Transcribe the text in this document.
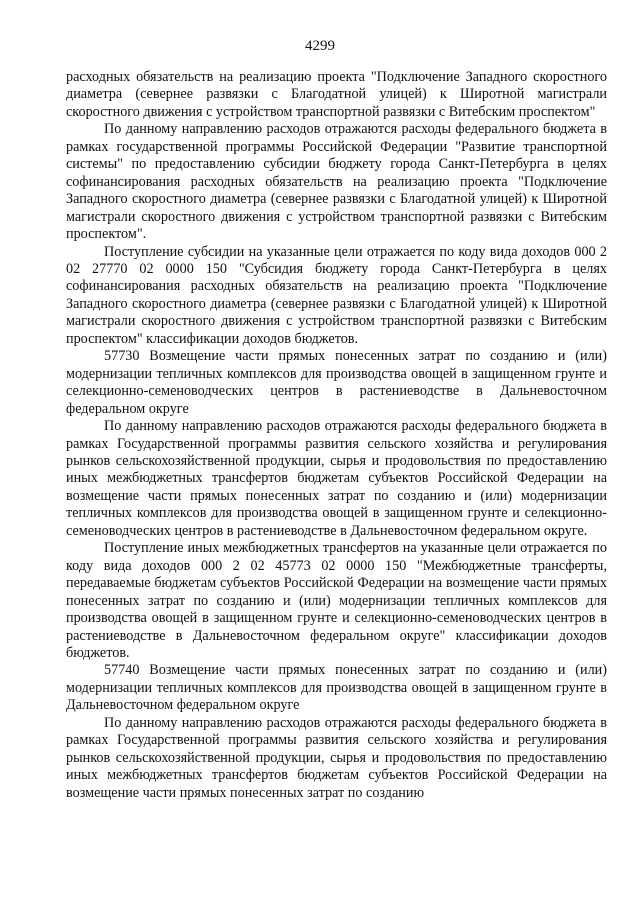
4299

расходных обязательств на реализацию проекта "Подключение Западного скоростного диаметра (севернее развязки с Благодатной улицей) к Широтной магистрали скоростного движения с устройством транспортной развязки с Витебским проспектом"

По данному направлению расходов отражаются расходы федерального бюджета в рамках государственной программы Российской Федерации "Развитие транспортной системы" по предоставлению субсидии бюджету города Санкт-Петербурга в целях софинансирования расходных обязательств на реализацию проекта "Подключение Западного скоростного диаметра (севернее развязки с Благодатной улицей) к Широтной магистрали скоростного движения с устройством транспортной развязки с Витебским проспектом".

Поступление субсидии на указанные цели отражается по коду вида доходов 000 2 02 27770 02 0000 150 "Субсидия бюджету города Санкт-Петербурга в целях софинансирования расходных обязательств на реализацию проекта "Подключение Западного скоростного диаметра (севернее развязки с Благодатной улицей) к Широтной магистрали скоростного движения с устройством транспортной развязки с Витебским проспектом" классификации доходов бюджетов.

57730 Возмещение части прямых понесенных затрат по созданию и (или) модернизации тепличных комплексов для производства овощей в защищенном грунте и селекционно-семеноводческих центров в растениеводстве в Дальневосточном федеральном округе

По данному направлению расходов отражаются расходы федерального бюджета в рамках Государственной программы развития сельского хозяйства и регулирования рынков сельскохозяйственной продукции, сырья и продовольствия по предоставлению иных межбюджетных трансфертов бюджетам субъектов Российской Федерации на возмещение части прямых понесенных затрат по созданию и (или) модернизации тепличных комплексов для производства овощей в защищенном грунте и селекционно-семеноводческих центров в растениеводстве в Дальневосточном федеральном округе.

Поступление иных межбюджетных трансфертов на указанные цели отражается по коду вида доходов 000 2 02 45773 02 0000 150 "Межбюджетные трансферты, передаваемые бюджетам субъектов Российской Федерации на возмещение части прямых понесенных затрат по созданию и (или) модернизации тепличных комплексов для производства овощей в защищенном грунте и селекционно-семеноводческих центров в растениеводстве в Дальневосточном федеральном округе" классификации доходов бюджетов.

57740 Возмещение части прямых понесенных затрат по созданию и (или) модернизации тепличных комплексов для производства овощей в защищенном грунте в Дальневосточном федеральном округе

По данному направлению расходов отражаются расходы федерального бюджета в рамках Государственной программы развития сельского хозяйства и регулирования рынков сельскохозяйственной продукции, сырья и продовольствия по предоставлению иных межбюджетных трансфертов бюджетам субъектов Российской Федерации на возмещение части прямых понесенных затрат по созданию
